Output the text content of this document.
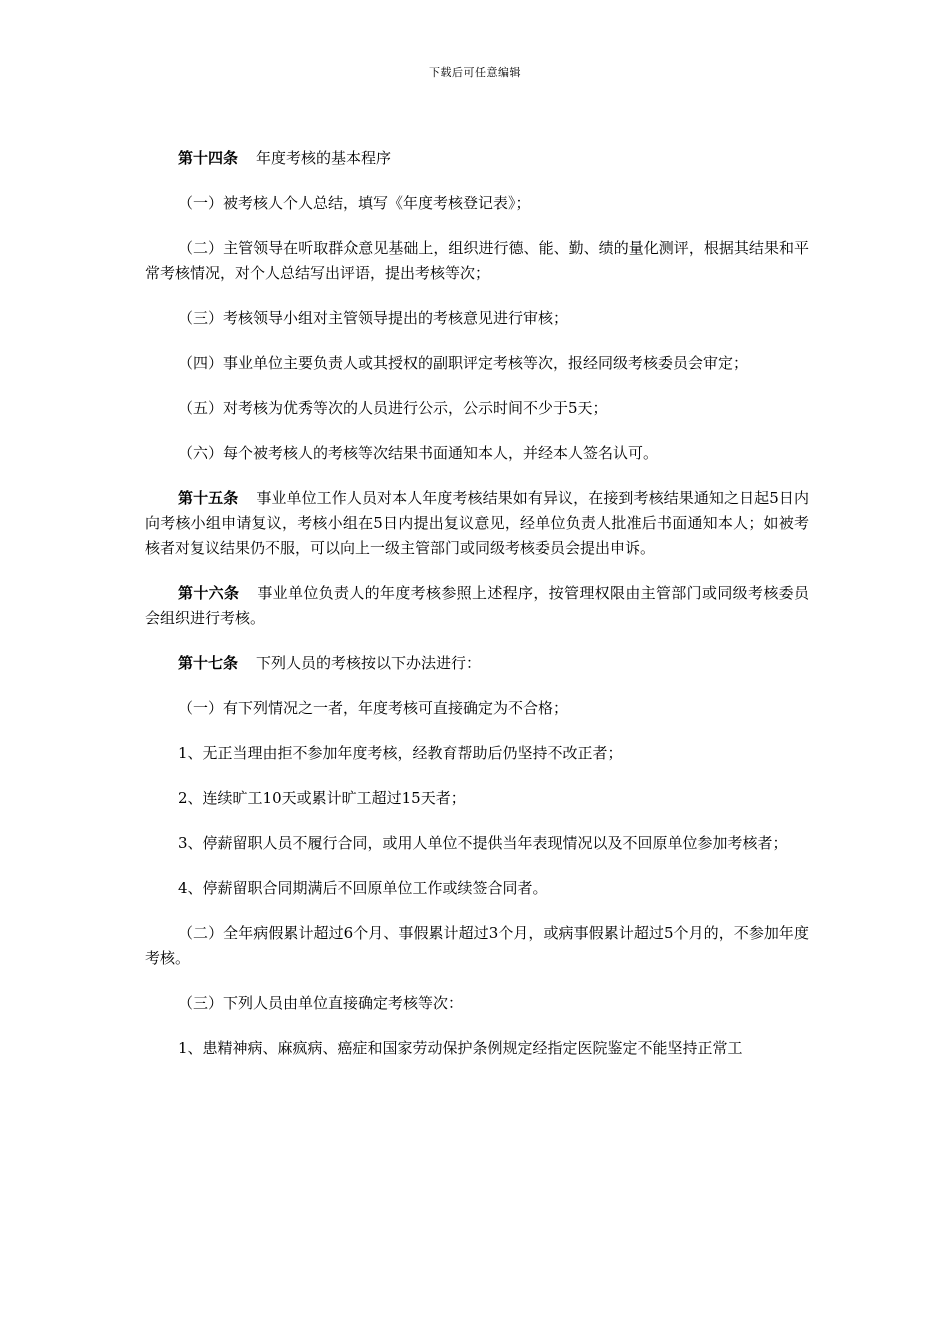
下载后可任意编辑

第十四条 年度考核的基本程序

（一）被考核人个人总结，填写《年度考核登记表》；

（二）主管领导在听取群众意见基础上，组织进行德、能、勤、绩的量化测评，根据其结果和平常考核情况，对个人总结写出评语，提出考核等次；

（三）考核领导小组对主管领导提出的考核意见进行审核；

（四）事业单位主要负责人或其授权的副职评定考核等次，报经同级考核委员会审定；

（五）对考核为优秀等次的人员进行公示，公示时间不少于5天；

（六）每个被考核人的考核等次结果书面通知本人，并经本人签名认可。

第十五条 事业单位工作人员对本人年度考核结果如有异议，在接到考核结果通知之日起5日内向考核小组申请复议，考核小组在5日内提出复议意见，经单位负责人批准后书面通知本人；如被考核者对复议结果仍不服，可以向上一级主管部门或同级考核委员会提出申诉。

第十六条 事业单位负责人的年度考核参照上述程序，按管理权限由主管部门或同级考核委员会组织进行考核。

第十七条 下列人员的考核按以下办法进行：

（一）有下列情况之一者，年度考核可直接确定为不合格；

1、无正当理由拒不参加年度考核，经教育帮助后仍坚持不改正者；

2、连续旷工10天或累计旷工超过15天者；

3、停薪留职人员不履行合同，或用人单位不提供当年表现情况以及不回原单位参加考核者；

4、停薪留职合同期满后不回原单位工作或续签合同者。

（二）全年病假累计超过6个月、事假累计超过3个月，或病事假累计超过5个月的，不参加年度考核。

（三）下列人员由单位直接确定考核等次：

1、患精神病、麻疯病、癌症和国家劳动保护条例规定经指定医院鉴定不能坚持正常工
